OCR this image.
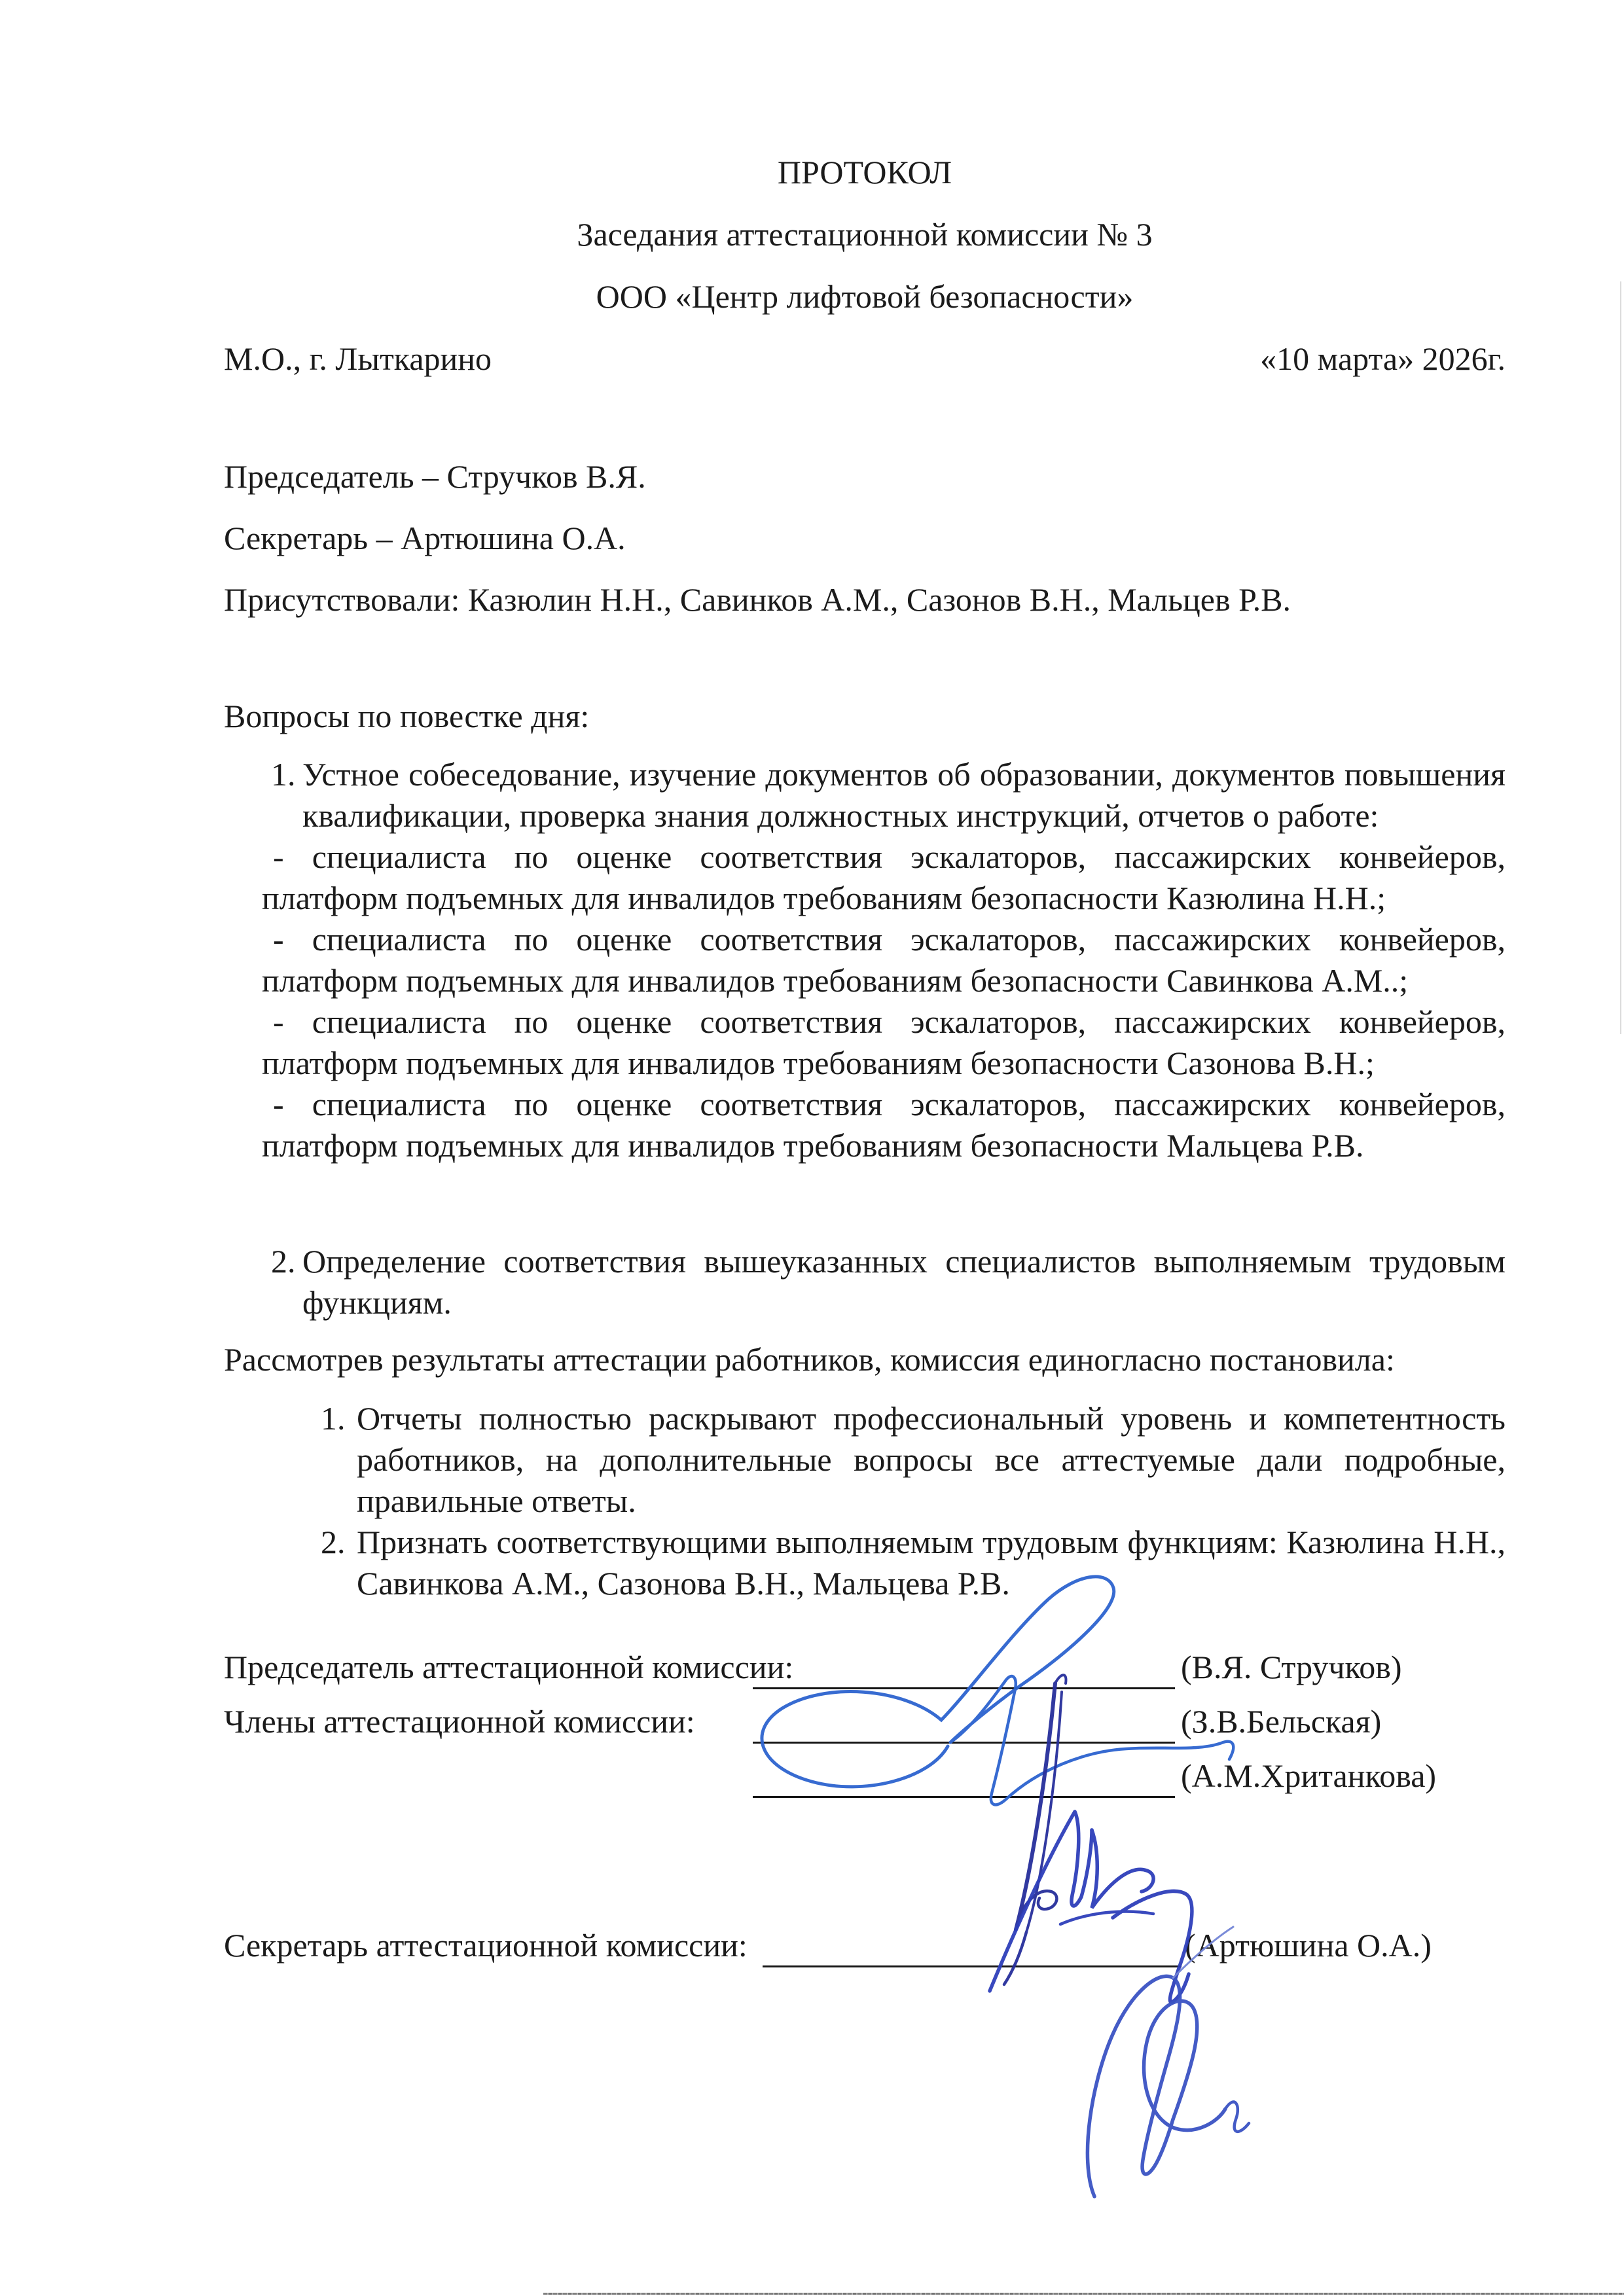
ПРОТОКОЛ

Заседания аттестационной комиссии № 3

ООО «Центр лифтовой безопасности»

М.О., г. Лыткарино	«10 марта» 2026г.

Председатель – Стручков В.Я.

Секретарь – Артюшина О.А.

Присутствовали: Казюлин Н.Н., Савинков А.М., Сазонов В.Н., Мальцев Р.В.

Вопросы по повестке дня:

1. Устное собеседование, изучение документов об образовании, документов повышения квалификации, проверка знания должностных инструкций, отчетов о работе:
- специалиста по оценке соответствия эскалаторов, пассажирских конвейеров, платформ подъемных для инвалидов требованиям безопасности Казюлина Н.Н.;
- специалиста по оценке соответствия эскалаторов, пассажирских конвейеров, платформ подъемных для инвалидов требованиям безопасности Савинкова А.М..;
- специалиста по оценке соответствия эскалаторов, пассажирских конвейеров, платформ подъемных для инвалидов требованиям безопасности Сазонова В.Н.;
- специалиста по оценке соответствия эскалаторов, пассажирских конвейеров, платформ подъемных для инвалидов требованиям безопасности Мальцева Р.В.
2. Определение соответствия вышеуказанных специалистов выполняемым трудовым функциям.

Рассмотрев результаты аттестации работников, комиссия единогласно постановила:

1. Отчеты полностью раскрывают профессиональный уровень и компетентность работников, на дополнительные вопросы все аттестуемые дали подробные, правильные ответы.
2. Признать соответствующими выполняемым трудовым функциям: Казюлина Н.Н., Савинкова А.М., Сазонова В.Н., Мальцева Р.В.
Председатель аттестационной комиссии:	(В.Я. Стручков)
Члены аттестационной комиссии:	(З.В.Бельская)
(А.М.Хританкова)
Секретарь аттестационной комиссии:	(Артюшина О.А.)
